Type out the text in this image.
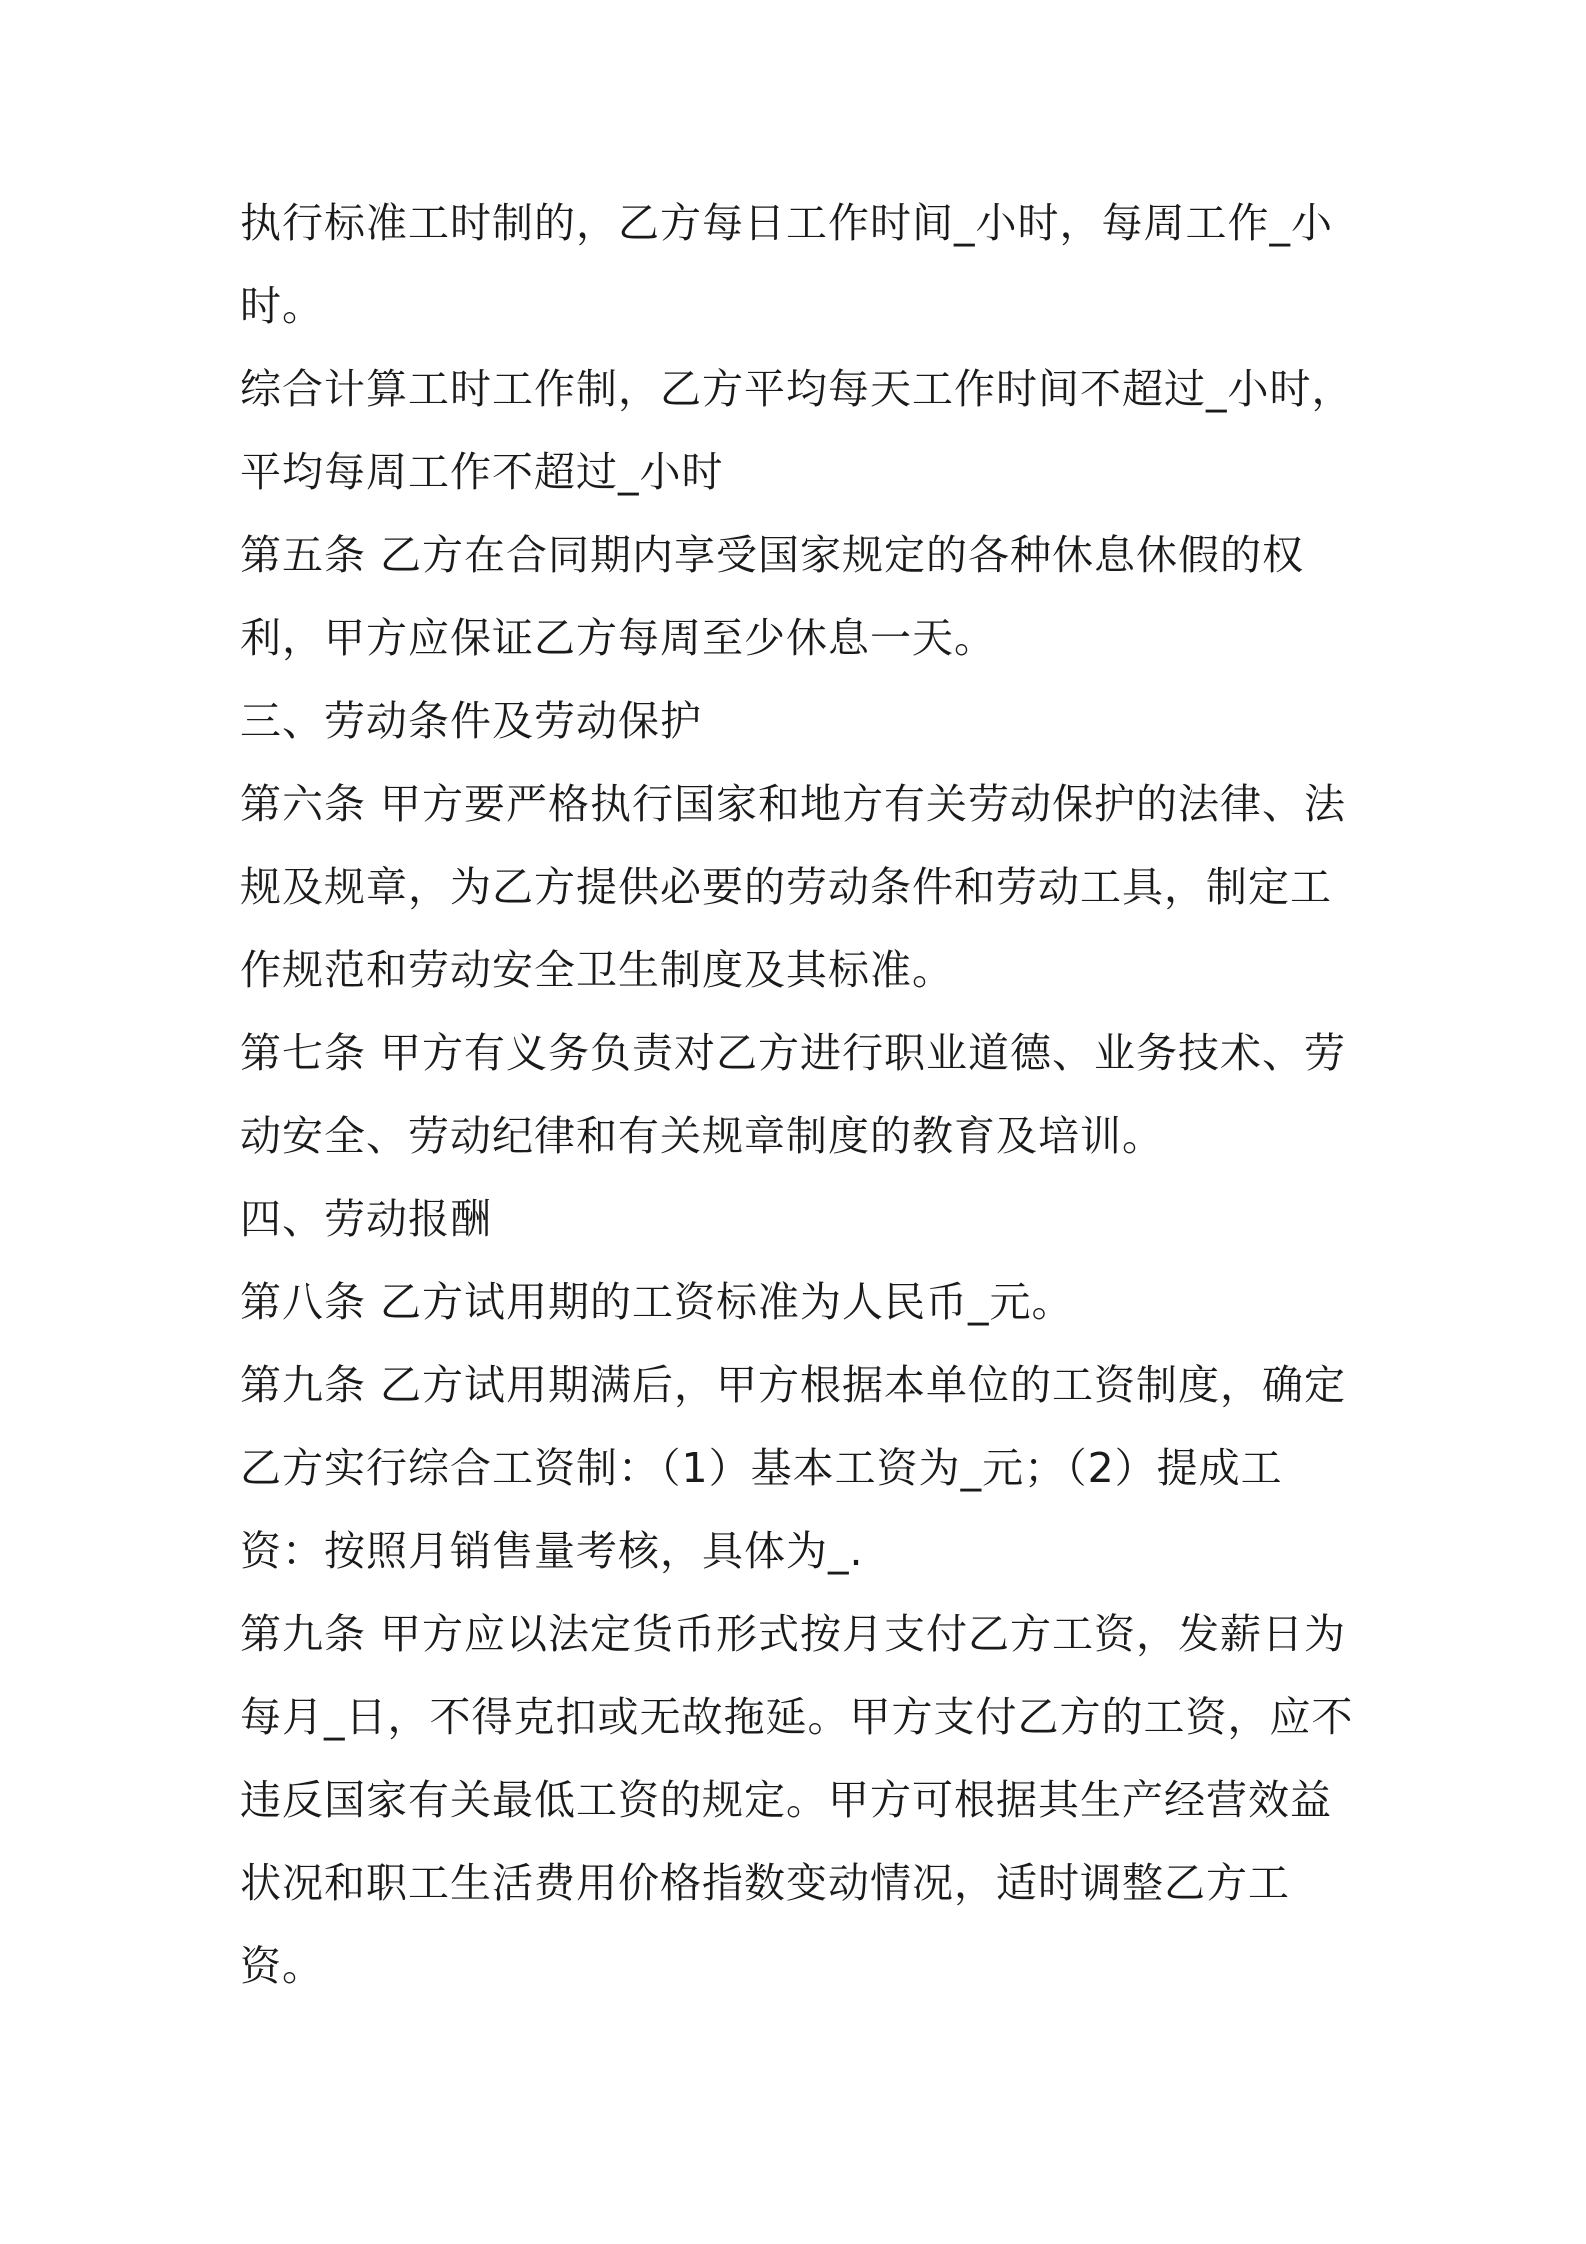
执行标准工时制的，乙方每日工作时间_小时，每周工作_小时。

综合计算工时工作制，乙方平均每天工作时间不超过_小时，平均每周工作不超过_小时

第五条 乙方在合同期内享受国家规定的各种休息休假的权利，甲方应保证乙方每周至少休息一天。

三、劳动条件及劳动保护

第六条 甲方要严格执行国家和地方有关劳动保护的法律、法规及规章，为乙方提供必要的劳动条件和劳动工具，制定工作规范和劳动安全卫生制度及其标准。

第七条 甲方有义务负责对乙方进行职业道德、业务技术、劳动安全、劳动纪律和有关规章制度的教育及培训。

四、劳动报酬

第八条 乙方试用期的工资标准为人民币_元。

第九条 乙方试用期满后，甲方根据本单位的工资制度，确定乙方实行综合工资制：（1）基本工资为_元；（2）提成工资：按照月销售量考核，具体为_.

第九条 甲方应以法定货币形式按月支付乙方工资，发薪日为每月_日，不得克扣或无故拖延。甲方支付乙方的工资，应不违反国家有关最低工资的规定。甲方可根据其生产经营效益状况和职工生活费用价格指数变动情况，适时调整乙方工资。
